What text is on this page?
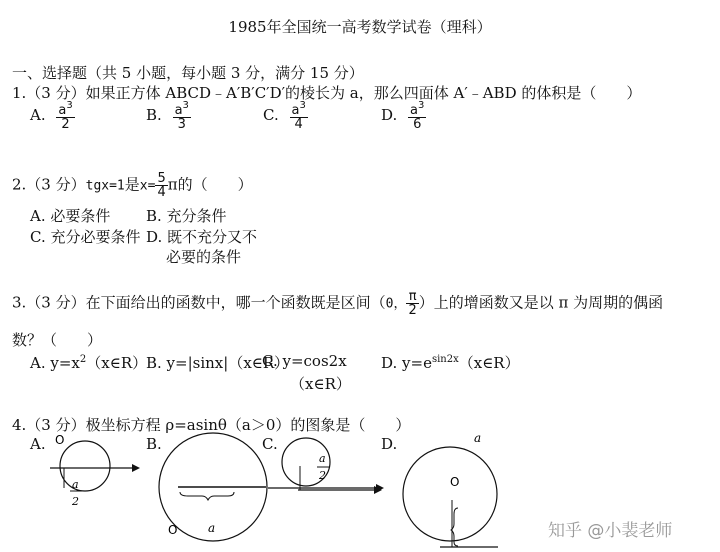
1985年全国统一高考数学试卷（理科）
一、选择题（共 5 小题，每小题 3 分，满分 15 分）
1.（3 分）如果正方体 ABCD﹣A′B′C′D′的棱长为 a，那么四面体 A′﹣ABD 的体积是（　　）
A. $\frac{a^3}{2}$	B. $\frac{a^3}{3}$	C. $\frac{a^3}{4}$	D. $\frac{a^3}{6}$
2.（3 分）tgx=1是$x= \frac{5}{4}$ π的（　　）
A. 必要条件 B. 充分条件
C. 充分必要条件 D. 既不充分又不
必要的条件
3.（3 分）在下面给出的函数中，哪一个函数既是区间（0， $\frac{\pi}{2}$ ）上的增函数又是以 π 为周期的偶函
数？（　　）
A. $y=x^2(x\in R)$
B. y=|sinx|（x∈R）
C. y=cos2x
（x∈R）
D. $y=e^{sin2x}(x\in R)$
4.（3 分）极坐标方程 ρ=asinθ（a＞0）的图象是（　　）
A.	B.	C.	D.
O
a
2
O	a
a
2	O
a
知乎 @小裴老师
